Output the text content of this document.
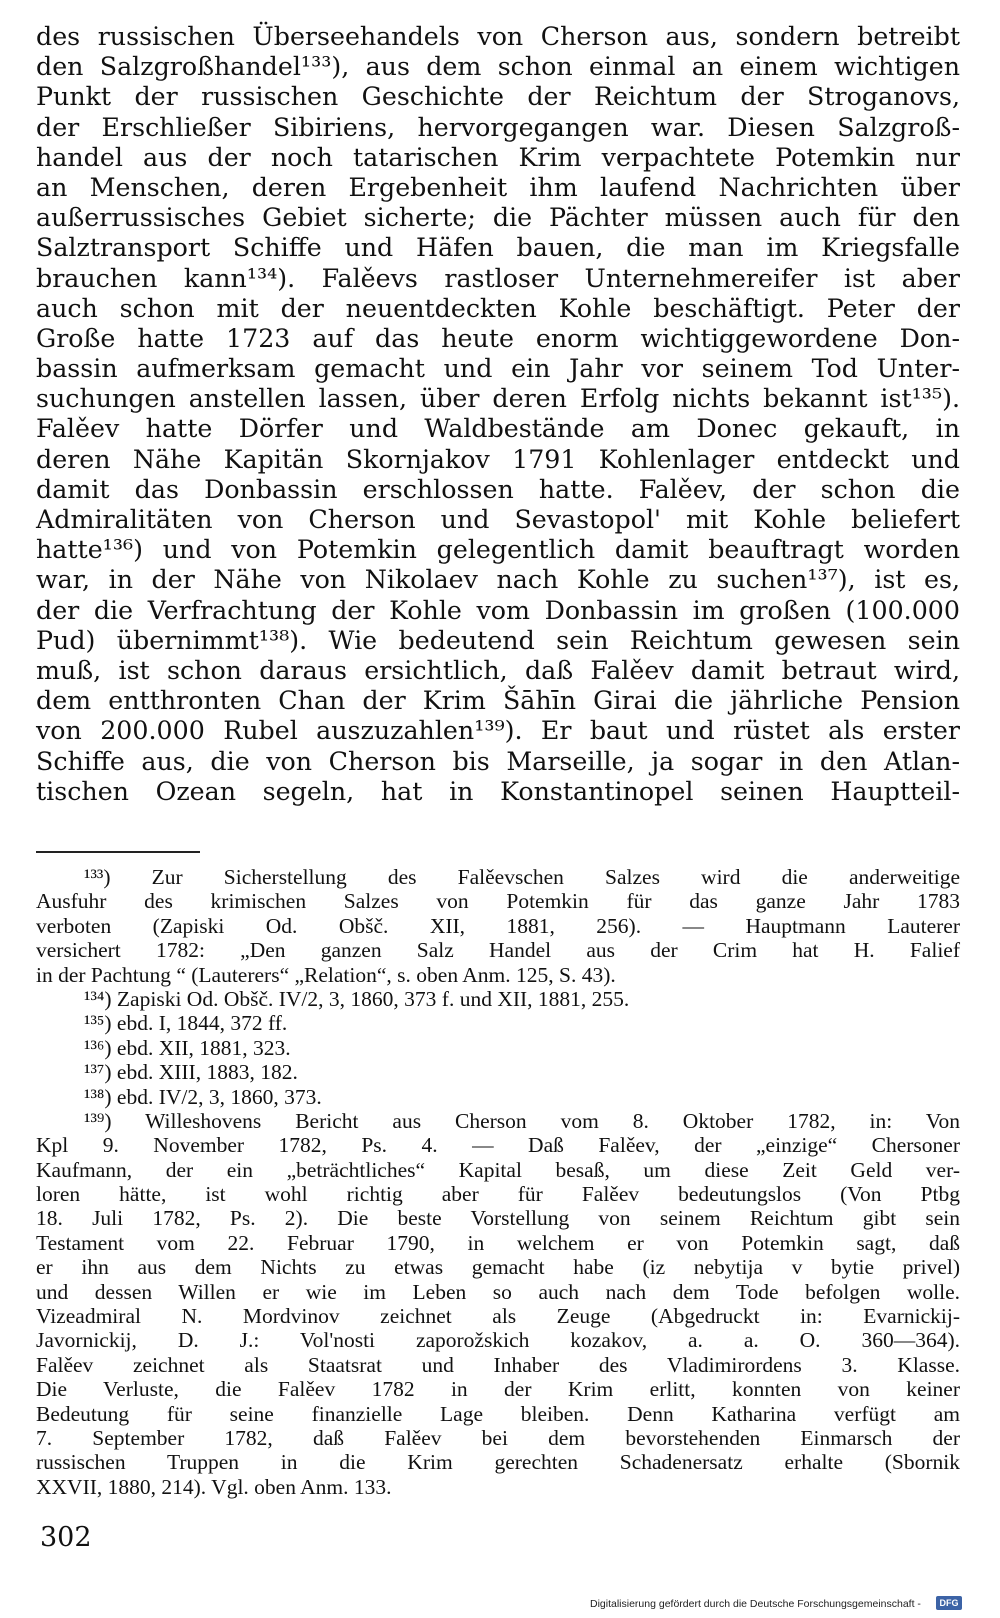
des russischen Überseehandels von Cherson aus, sondern betreibt
den Salzgroßhandel¹³³), aus dem schon einmal an einem wichtigen
Punkt der russischen Geschichte der Reichtum der Stroganovs,
der Erschließer Sibiriens, hervorgegangen war. Diesen Salzgroß-
handel aus der noch tatarischen Krim verpachtete Potemkin nur
an Menschen, deren Ergebenheit ihm laufend Nachrichten über
außerrussisches Gebiet sicherte; die Pächter müssen auch für den
Salztransport Schiffe und Häfen bauen, die man im Kriegsfalle
brauchen kann¹³⁴). Falěevs rastloser Unternehmereifer ist aber
auch schon mit der neuentdeckten Kohle beschäftigt. Peter der
Große hatte 1723 auf das heute enorm wichtiggewordene Don-
bassin aufmerksam gemacht und ein Jahr vor seinem Tod Unter-
suchungen anstellen lassen, über deren Erfolg nichts bekannt ist¹³⁵).
Falěev hatte Dörfer und Waldbestände am Donec gekauft, in
deren Nähe Kapitän Skornjakov 1791 Kohlenlager entdeckt und
damit das Donbassin erschlossen hatte. Falěev, der schon die
Admiralitäten von Cherson und Sevastopol' mit Kohle beliefert
hatte¹³⁶) und von Potemkin gelegentlich damit beauftragt worden
war, in der Nähe von Nikolaev nach Kohle zu suchen¹³⁷), ist es,
der die Verfrachtung der Kohle vom Donbassin im großen (100.000
Pud) übernimmt¹³⁸). Wie bedeutend sein Reichtum gewesen sein
muß, ist schon daraus ersichtlich, daß Falěev damit betraut wird,
dem entthronten Chan der Krim Šāhīn Girai die jährliche Pension
von 200.000 Rubel auszuzahlen¹³⁹). Er baut und rüstet als erster
Schiffe aus, die von Cherson bis Marseille, ja sogar in den Atlan-
tischen Ozean segeln, hat in Konstantinopel seinen Hauptteil-
¹³³) Zur Sicherstellung des Falěevschen Salzes wird die anderweitige
Ausfuhr des krimischen Salzes von Potemkin für das ganze Jahr 1783
verboten (Zapiski Od. Obšč. XII, 1881, 256). — Hauptmann Lauterer
versichert 1782: „Den ganzen Salz Handel aus der Crim hat H. Falief
in der Pachtung “ (Lauterers“ „Relation“, s. oben Anm. 125, S. 43).
¹³⁴) Zapiski Od. Obšč. IV/2, 3, 1860, 373 f. und XII, 1881, 255.
¹³⁵) ebd. I, 1844, 372 ff.
¹³⁶) ebd. XII, 1881, 323.
¹³⁷) ebd. XIII, 1883, 182.
¹³⁸) ebd. IV/2, 3, 1860, 373.
¹³⁹) Willeshovens Bericht aus Cherson vom 8. Oktober 1782, in: Von
Kpl 9. November 1782, Ps. 4. — Daß Falěev, der „einzige“ Chersoner
Kaufmann, der ein „beträchtliches“ Kapital besaß, um diese Zeit Geld ver-
loren hätte, ist wohl richtig aber für Falěev bedeutungslos (Von Ptbg
18. Juli 1782, Ps. 2). Die beste Vorstellung von seinem Reichtum gibt sein
Testament vom 22. Februar 1790, in welchem er von Potemkin sagt, daß
er ihn aus dem Nichts zu etwas gemacht habe (iz nebytija v bytie privel)
und dessen Willen er wie im Leben so auch nach dem Tode befolgen wolle.
Vizeadmiral N. Mordvinov zeichnet als Zeuge (Abgedruckt in: Evarnickij-
Javornickij, D. J.: Vol'nosti zaporožskich kozakov, a. a. O. 360—364).
Falěev zeichnet als Staatsrat und Inhaber des Vladimirordens 3. Klasse.
Die Verluste, die Falěev 1782 in der Krim erlitt, konnten von keiner
Bedeutung für seine finanzielle Lage bleiben. Denn Katharina verfügt am
7. September 1782, daß Falěev bei dem bevorstehenden Einmarsch der
russischen Truppen in die Krim gerechten Schadenersatz erhalte (Sbornik
XXVII, 1880, 214). Vgl. oben Anm. 133.
302
Digitalisierung gefördert durch die Deutsche Forschungsgemeinschaft -	DFG
